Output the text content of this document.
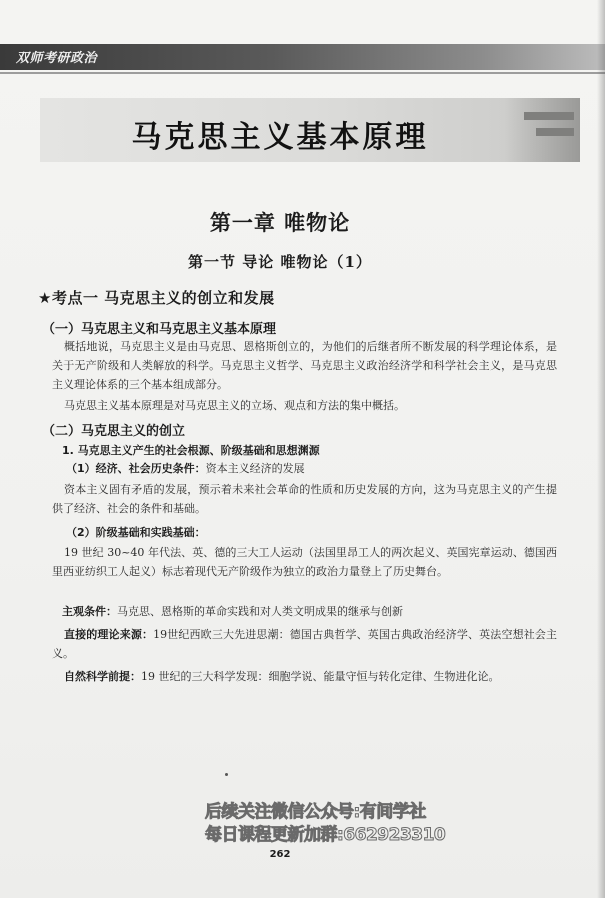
双师考研政治
马克思主义基本原理
第一章 唯物论
第一节 导论 唯物论（1）
★考点一 马克思主义的创立和发展
（一）马克思主义和马克思主义基本原理
概括地说，马克思主义是由马克思、恩格斯创立的，为他们的后继者所不断发展的科学理论体系，是关于无产阶级和人类解放的科学。马克思主义哲学、马克思主义政治经济学和科学社会主义，是马克思主义理论体系的三个基本组成部分。
马克思主义基本原理是对马克思主义的立场、观点和方法的集中概括。
（二）马克思主义的创立
1. 马克思主义产生的社会根源、阶级基础和思想渊源
（1）经济、社会历史条件：资本主义经济的发展
资本主义固有矛盾的发展，预示着未来社会革命的性质和历史发展的方向，这为马克思主义的产生提供了经济、社会的条件和基础。
（2）阶级基础和实践基础：
19 世纪 30~40 年代法、英、德的三大工人运动（法国里昂工人的两次起义、英国宪章运动、德国西里西亚纺织工人起义）标志着现代无产阶级作为独立的政治力量登上了历史舞台。
主观条件：马克思、恩格斯的革命实践和对人类文明成果的继承与创新
直接的理论来源：19世纪西欧三大先进思潮：德国古典哲学、英国古典政治经济学、英法空想社会主义。
自然科学前提：19 世纪的三大科学发现：细胞学说、能量守恒与转化定律、生物进化论。
后续关注微信公众号:有间学社
每日课程更新加群:662923310
262
